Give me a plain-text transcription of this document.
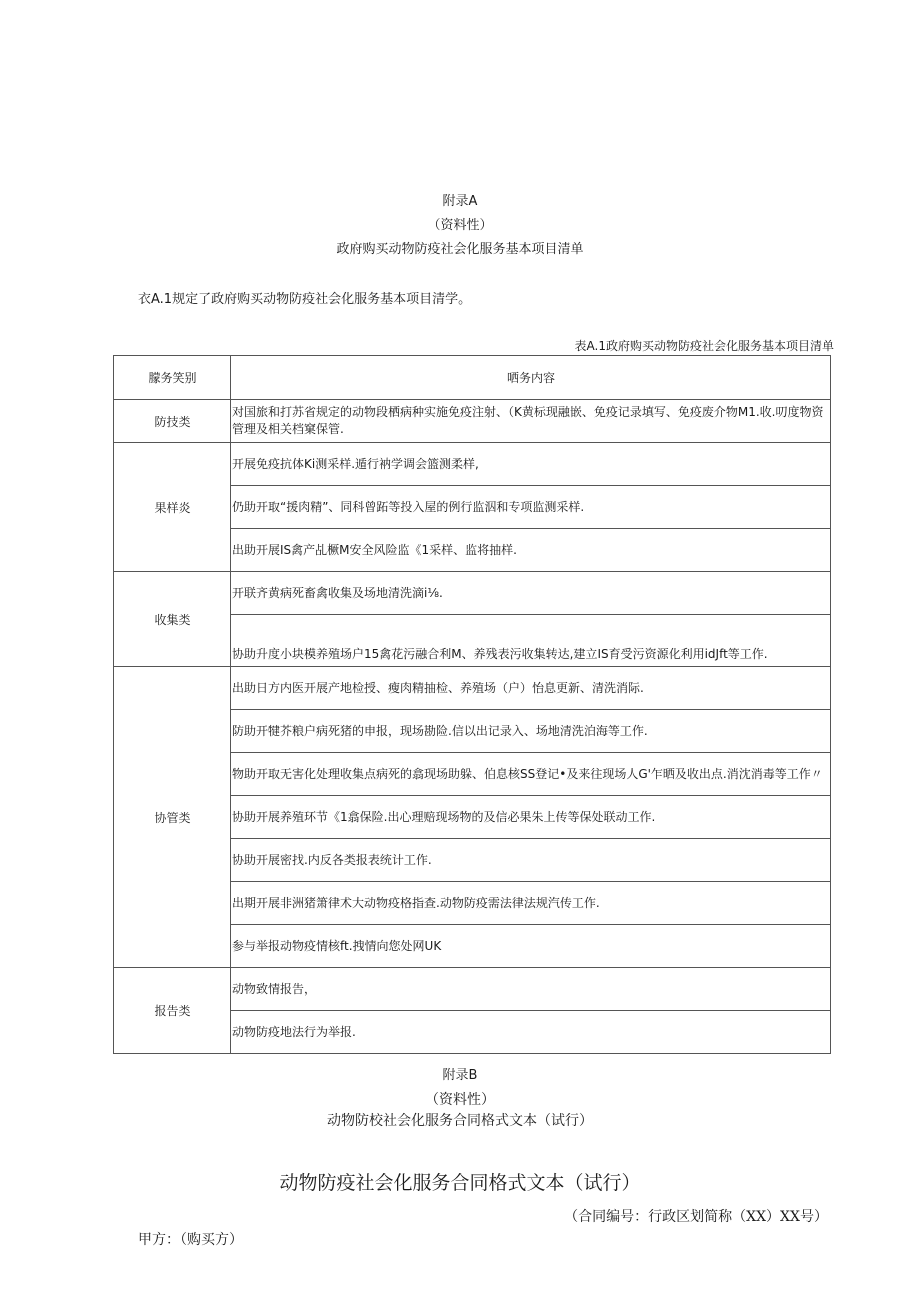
附录A
（资料性）
政府购买动物防疫社会化服务基本项目清单
衣A.1规定了政府购买动物防疫社会化服务基本项目清学。
表A.1政府购买动物防疫社会化服务基本项目清单
朦务笑别	哂务内容
防技类	对国旅和打苏省规定的动物段栖病种实施免疫注射、（K黄标现融嵌、免疫记录填写、免疫废介物M1.收.叨度物资管理及相关档窠保管.
果样炎	开展免疫抗体Ki测采样.遁行衲学调会篮测柔样,
	仍助开取“援肉精”、同科曾跖等投入屋的例行监泅和专项监测采样.
	出助开展IS禽产乩橛M安全风险监《1采样、监将抽样.
收集类	开联齐黄病死畜禽收集及场地清洗滴i⅛.
	协助升度小块模养殖场户15禽花污融合利M、养残表污收集转达,建立IS育受污资源化利用idJft等工作.
协管类	出助日方内医开展产地检授、瘦肉精抽检、养殖场（户）怡息更新、清洗消际.
	防助开犍芥粮户病死猪的申报，现场勘险.信以出记录入、场地清洗泊海等工作.
	物助开取无害化处理收集点病死的翕现场助躲、伯息核SS登记•及来往现场人G'乍晒及收出点.消沈消毒等工作〃
	协助开展养殖环节《1翕保险.出心理赔现场物的及信必果朱上传等保处联动工作.
	协助开展密找.内反各类报表统计工作.
	出期开展非洲猪箫律术大动物疫格指查.动物防疫需法律法规汽传工作.
	参与举报动物疫情核ft.拽情向您处网UK
报告类	动物致情报告，
	动物防疫地法行为举报.
附录B
（资料性）
动物防校社会化服务合同格式文本（试行）
动物防疫社会化服务合同格式文本（试行）
（合同编号：行政区划简称（XX）XX号）
甲方：（购买方）
